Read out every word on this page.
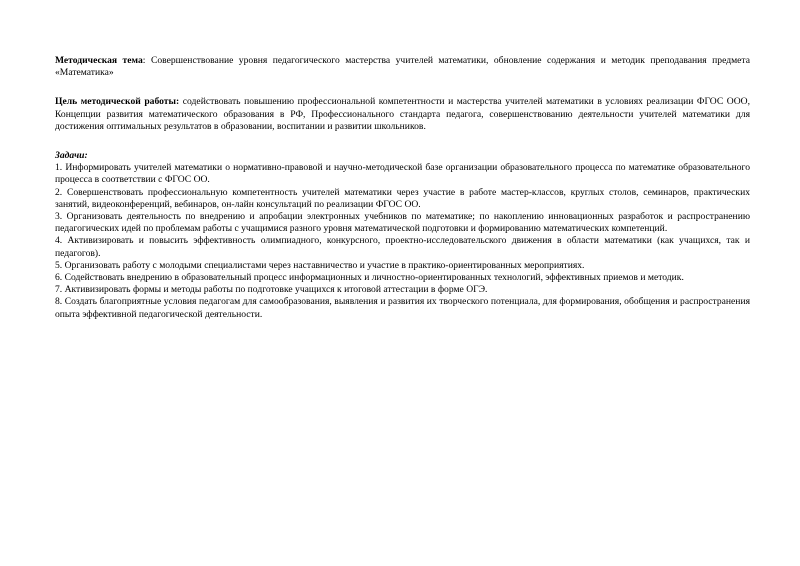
Методическая тема: Совершенствование уровня педагогического мастерства учителей математики, обновление содержания и методик преподавания предмета «Математика»

Цель методической работы: содействовать повышению профессиональной компетентности и мастерства учителей математики в условиях реализации ФГОС ООО, Концепции развития математического образования в РФ, Профессионального стандарта педагога, совершенствованию деятельности учителей математики для достижения оптимальных результатов в образовании, воспитании и развитии школьников.

Задачи:

1. Информировать учителей математики о нормативно-правовой и научно-методической базе организации образовательного процесса по математике образовательного процесса в соответствии с ФГОС ОО.

2. Совершенствовать профессиональную компетентность учителей математики через участие в работе мастер-классов, круглых столов, семинаров, практических занятий, видеоконференций, вебинаров, он-лайн консультаций по реализации ФГОС ОО.

3. Организовать деятельность по внедрению и апробации электронных учебников по математике; по накоплению инновационных разработок и распространению педагогических идей по проблемам работы с учащимися разного уровня математической подготовки и формированию математических компетенций.

4. Активизировать и повысить эффективность олимпиадного, конкурсного, проектно-исследовательского движения в области математики (как учащихся, так и педагогов).

5. Организовать работу с молодыми специалистами через наставничество и участие в практико-ориентированных мероприятиях.

6. Содействовать внедрению в образовательный процесс информационных и личностно-ориентированных технологий, эффективных приемов и методик.

7. Активизировать формы и методы работы по подготовке учащихся к итоговой аттестации в форме ОГЭ.

8. Создать благоприятные условия педагогам для самообразования, выявления и развития их творческого потенциала, для формирования, обобщения и распространения опыта эффективной педагогической деятельности.
